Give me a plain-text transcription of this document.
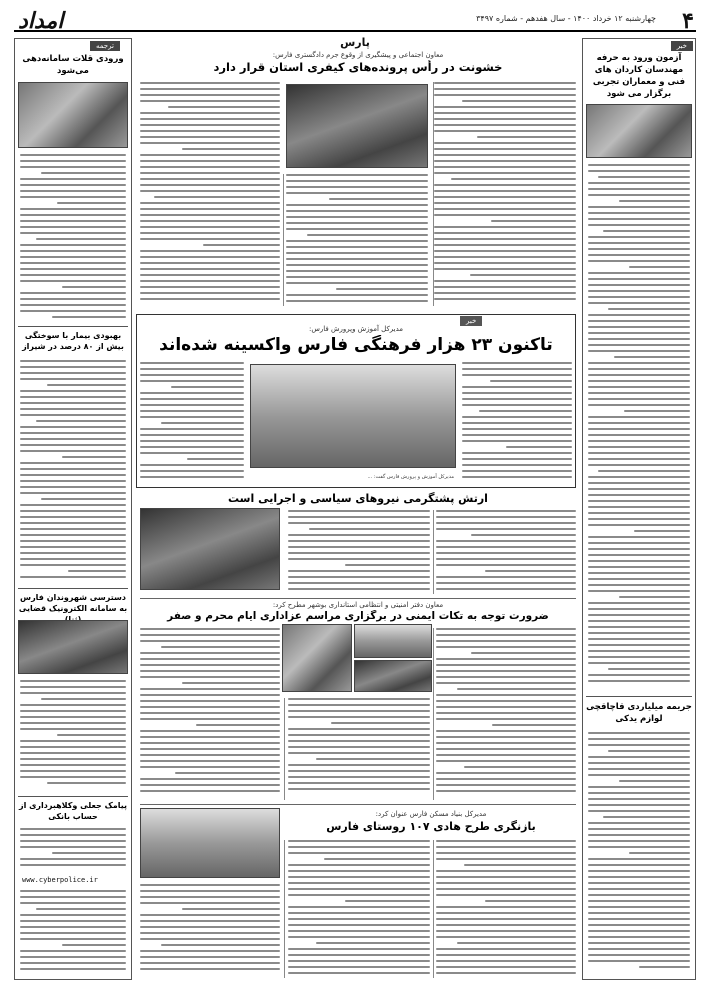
۴
چهارشنبه ۱۲ خرداد ۱۴۰۰ - سال هفدهم - شماره ۳۴۹۷
امداد
پارس	خبر
آزمون ورود به حرفه مهندسان کاردان های فنی و معماران تجربی برگزار می شود
جریمه میلیاردی قاچاقچی لوازم یدکی
معاون اجتماعی و پیشگیری از وقوع جرم دادگستری فارس:
خشونت در رأس پرونده‌های کیفری استان قرار دارد
خبر
مدیرکل آموزش وپرورش فارس:
تاکنون ۲۳ هزار فرهنگی فارس واکسینه شده‌اند
مدیرکل آموزش و پرورش فارس گفت: ...
ارتش پشتگرمی نیروهای سیاسی و اجرایی است
معاون دفتر امنیتی و انتظامی استانداری بوشهر مطرح کرد:
ضرورت توجه به تکات ایمنی در برگزاری مراسم عزاداری ایام محرم و صفر
مدیرکل بنیاد مسکن فارس عنوان کرد:
بازنگری طرح هادی ۱۰۷ روستای فارس
ترجمه
ورودی قلات سامانه‌دهی می‌شود
بهبودی بیمار با سوختگی بیش از ۸۰ درصد در شیراز
دسترسی شهروندان فارس به سامانه الکترونیک قضایی
پیامک جعلی وکلاهبرداری از حساب بانکی
www.cyberpolice.ir
